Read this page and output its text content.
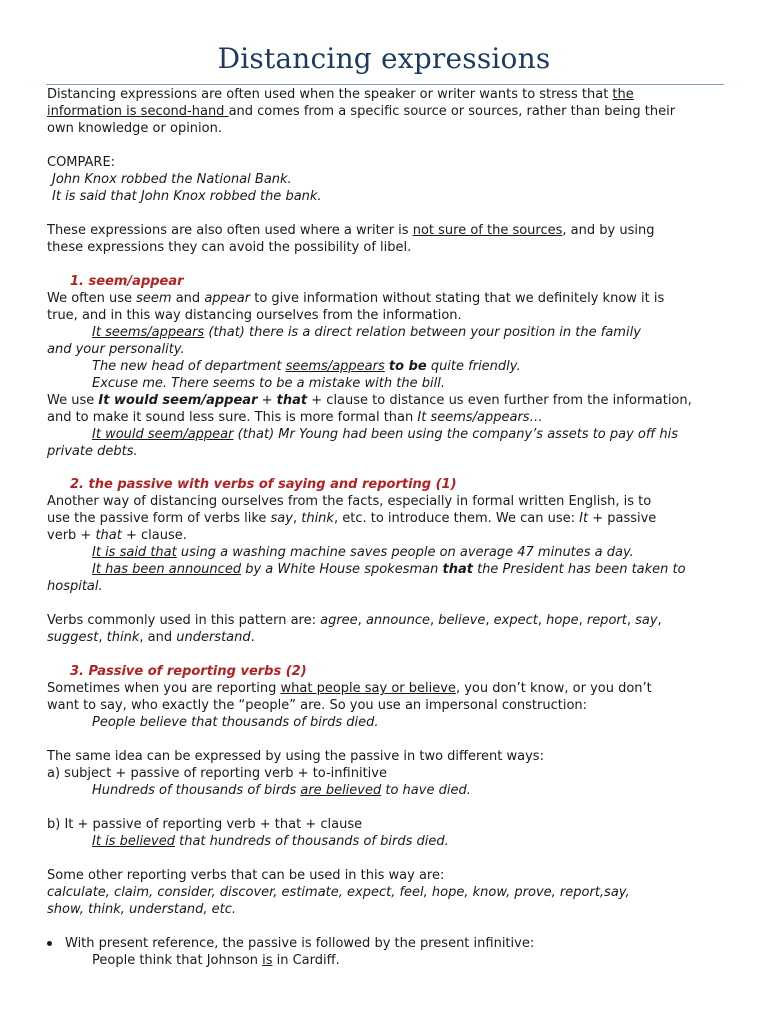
Distancing expressions
Distancing expressions are often used when the speaker or writer wants to stress that the
information is second-hand and comes from a specific source or sources, rather than being their
own knowledge or opinion.
COMPARE:
John Knox robbed the National Bank.
It is said that John Knox robbed the bank.
These expressions are also often used where a writer is not sure of the sources, and by using
these expressions they can avoid the possibility of libel.
1. seem/appear
We often use seem and appear to give information without stating that we definitely know it is
true, and in this way distancing ourselves from the information.
It seems/appears (that) there is a direct relation between your position in the family
and your personality.
The new head of department seems/appears to be quite friendly.
Excuse me. There seems to be a mistake with the bill.
We use It would seem/appear + that + clause to distance us even further from the information,
and to make it sound less sure. This is more formal than It seems/appears…
It would seem/appear (that) Mr Young had been using the company’s assets to pay off his
private debts.
2. the passive with verbs of saying and reporting (1)
Another way of distancing ourselves from the facts, especially in formal written English, is to
use the passive form of verbs like say, think, etc. to introduce them. We can use: It + passive
verb + that + clause.
It is said that using a washing machine saves people on average 47 minutes a day.
It has been announced by a White House spokesman that the President has been taken to
hospital.
Verbs commonly used in this pattern are: agree, announce, believe, expect, hope, report, say,
suggest, think, and understand.
3. Passive of reporting verbs (2)
Sometimes when you are reporting what people say or believe, you don’t know, or you don’t
want to say, who exactly the “people” are. So you use an impersonal construction:
People believe that thousands of birds died.
The same idea can be expressed by using the passive in two different ways:
a) subject + passive of reporting verb + to-infinitive
Hundreds of thousands of birds are believed to have died.
b) It + passive of reporting verb + that + clause
It is believed that hundreds of thousands of birds died.
Some other reporting verbs that can be used in this way are:
calculate, claim, consider, discover, estimate, expect, feel, hope, know, prove, report,say,
show, think, understand, etc.
With present reference, the passive is followed by the present infinitive:
People think that Johnson is in Cardiff.
